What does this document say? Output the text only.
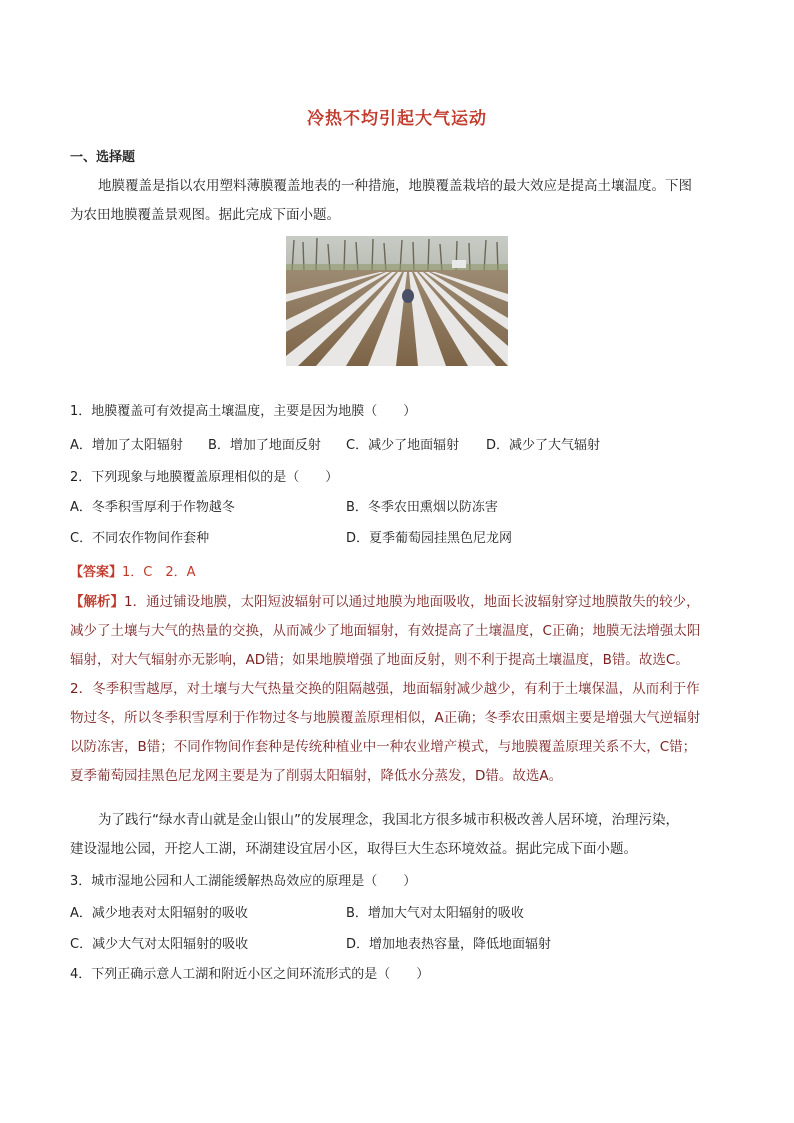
冷热不均引起大气运动
一、选择题
地膜覆盖是指以农用塑料薄膜覆盖地表的一种措施，地膜覆盖栽培的最大效应是提高土壤温度。下图
为农田地膜覆盖景观图。据此完成下面小题。
1．地膜覆盖可有效提高土壤温度，主要是因为地膜（　　）
A．增加了太阳辐射 B．增加了地面反射 C．减少了地面辐射 D．减少了大气辐射
2．下列现象与地膜覆盖原理相似的是（　　）
A．冬季积雪厚利于作物越冬	B．冬季农田熏烟以防冻害
C．不同农作物间作套种	D．夏季葡萄园挂黑色尼龙网
【答案】1．C　2．A
【解析】1．通过铺设地膜，太阳短波辐射可以通过地膜为地面吸收，地面长波辐射穿过地膜散失的较少，
减少了土壤与大气的热量的交换，从而减少了地面辐射，有效提高了土壤温度，C正确；地膜无法增强太阳
辐射，对大气辐射亦无影响，AD错；如果地膜增强了地面反射，则不利于提高土壤温度，B错。故选C。
2．冬季积雪越厚，对土壤与大气热量交换的阻隔越强，地面辐射减少越少，有利于土壤保温，从而利于作
物过冬，所以冬季积雪厚利于作物过冬与地膜覆盖原理相似，A正确；冬季农田熏烟主要是增强大气逆辐射
以防冻害，B错；不同作物间作套种是传统种植业中一种农业增产模式，与地膜覆盖原理关系不大，C错；
夏季葡萄园挂黑色尼龙网主要是为了削弱太阳辐射，降低水分蒸发，D错。故选A。
为了践行“绿水青山就是金山银山”的发展理念，我国北方很多城市积极改善人居环境，治理污染，
建设湿地公园，开挖人工湖，环湖建设宜居小区，取得巨大生态环境效益。据此完成下面小题。
3．城市湿地公园和人工湖能缓解热岛效应的原理是（　　）
A．减少地表对太阳辐射的吸收	B．增加大气对太阳辐射的吸收
C．减少大气对太阳辐射的吸收	D．增加地表热容量，降低地面辐射
4．下列正确示意人工湖和附近小区之间环流形式的是（　　）
